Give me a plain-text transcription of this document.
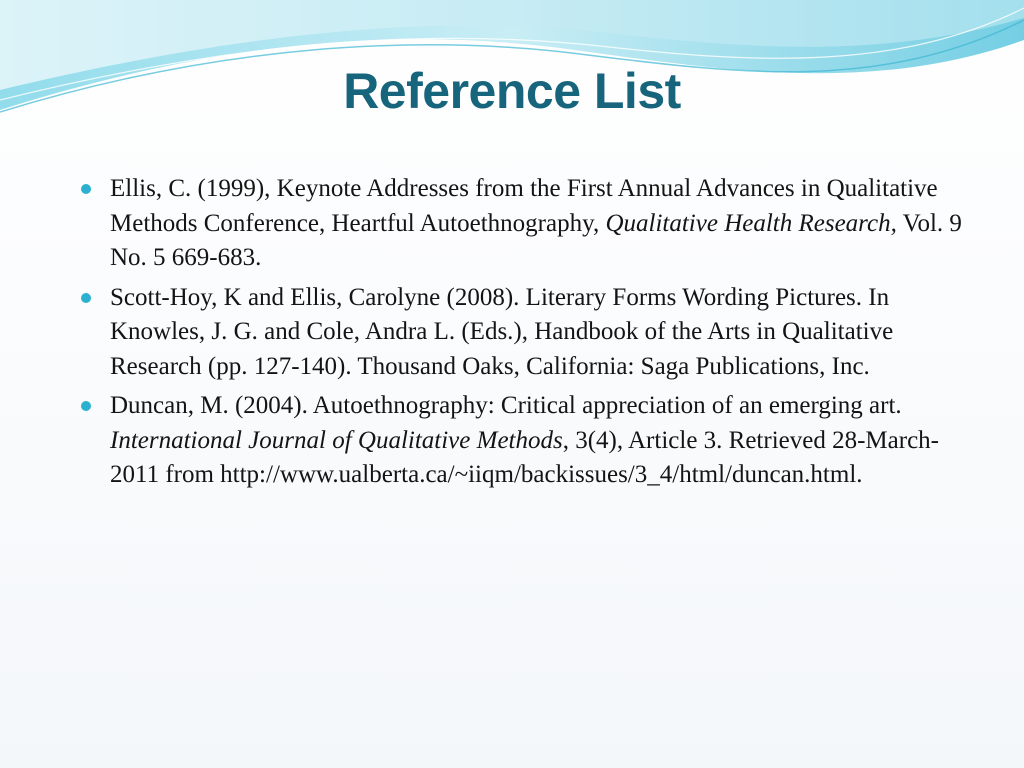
Reference List
Ellis, C. (1999), Keynote Addresses from the First Annual Advances in Qualitative Methods Conference, Heartful Autoethnography, Qualitative Health Research, Vol. 9 No. 5 669-683.
Scott-Hoy, K and Ellis, Carolyne (2008). Literary Forms Wording Pictures. In Knowles, J. G. and Cole, Andra L. (Eds.), Handbook of the Arts in Qualitative Research (pp. 127-140). Thousand Oaks, California: Saga Publications, Inc.
Duncan, M. (2004). Autoethnography: Critical appreciation of an emerging art. International Journal of Qualitative Methods, 3(4), Article 3. Retrieved 28-March-2011 from http://www.ualberta.ca/~iiqm/backissues/3_4/html/duncan.html.
